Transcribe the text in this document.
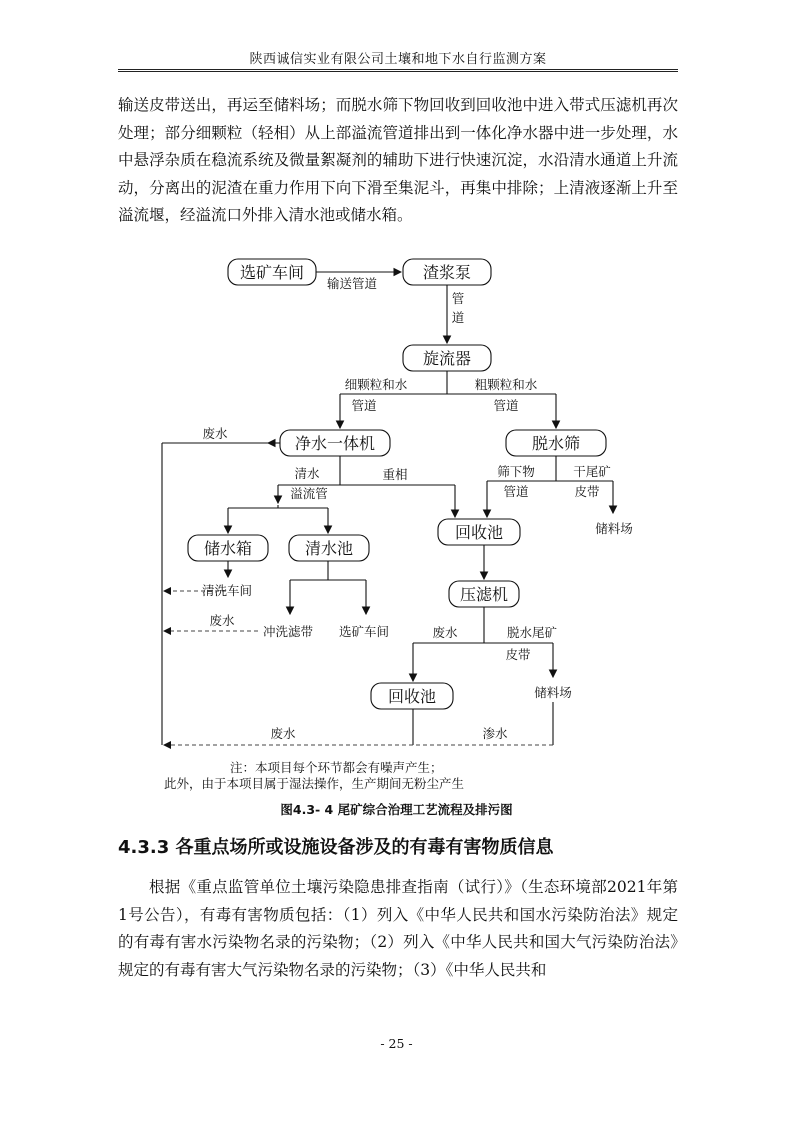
陕西诚信实业有限公司土壤和地下水自行监测方案

输送皮带送出，再运至储料场；而脱水筛下物回收到回收池中进入带式压滤机再次处理；部分细颗粒（轻相）从上部溢流管道排出到一体化净水器中进一步处理，水中悬浮杂质在稳流系统及微量絮凝剂的辅助下进行快速沉淀，水沿清水通道上升流动，分离出的泥渣在重力作用下向下滑至集泥斗，再集中排除；上清液逐渐上升至溢流堰，经溢流口外排入清水池或储水箱。

选矿车间	渣浆泵
旋流器
净水一体机	脱水筛
储水箱	清水池
回收池
压滤机
回收池
输送管道
管
道
细颗粒和水	粗颗粒和水
管道	管道
废水
清水	重相
溢流管
筛下物
管道
干尾矿
皮带
储料场
清洗车间
废水
冲洗滤带 选矿车间	废水	脱水尾矿
皮带
储料场
废水	渗水
注：本项目每个环节都会有噪声产生；
此外，由于本项目属于湿法操作，生产期间无粉尘产生
图4.3- 4 尾矿综合治理工艺流程及排污图
4.3.3 各重点场所或设施设备涉及的有毒有害物质信息

根据《重点监管单位土壤污染隐患排查指南（试行）》（生态环境部2021年第1号公告），有毒有害物质包括：（1）列入《中华人民共和国水污染防治法》规定的有毒有害水污染物名录的污染物；（2）列入《中华人民共和国大气污染防治法》规定的有毒有害大气污染物名录的污染物；（3）《中华人民共和

- 25 -
